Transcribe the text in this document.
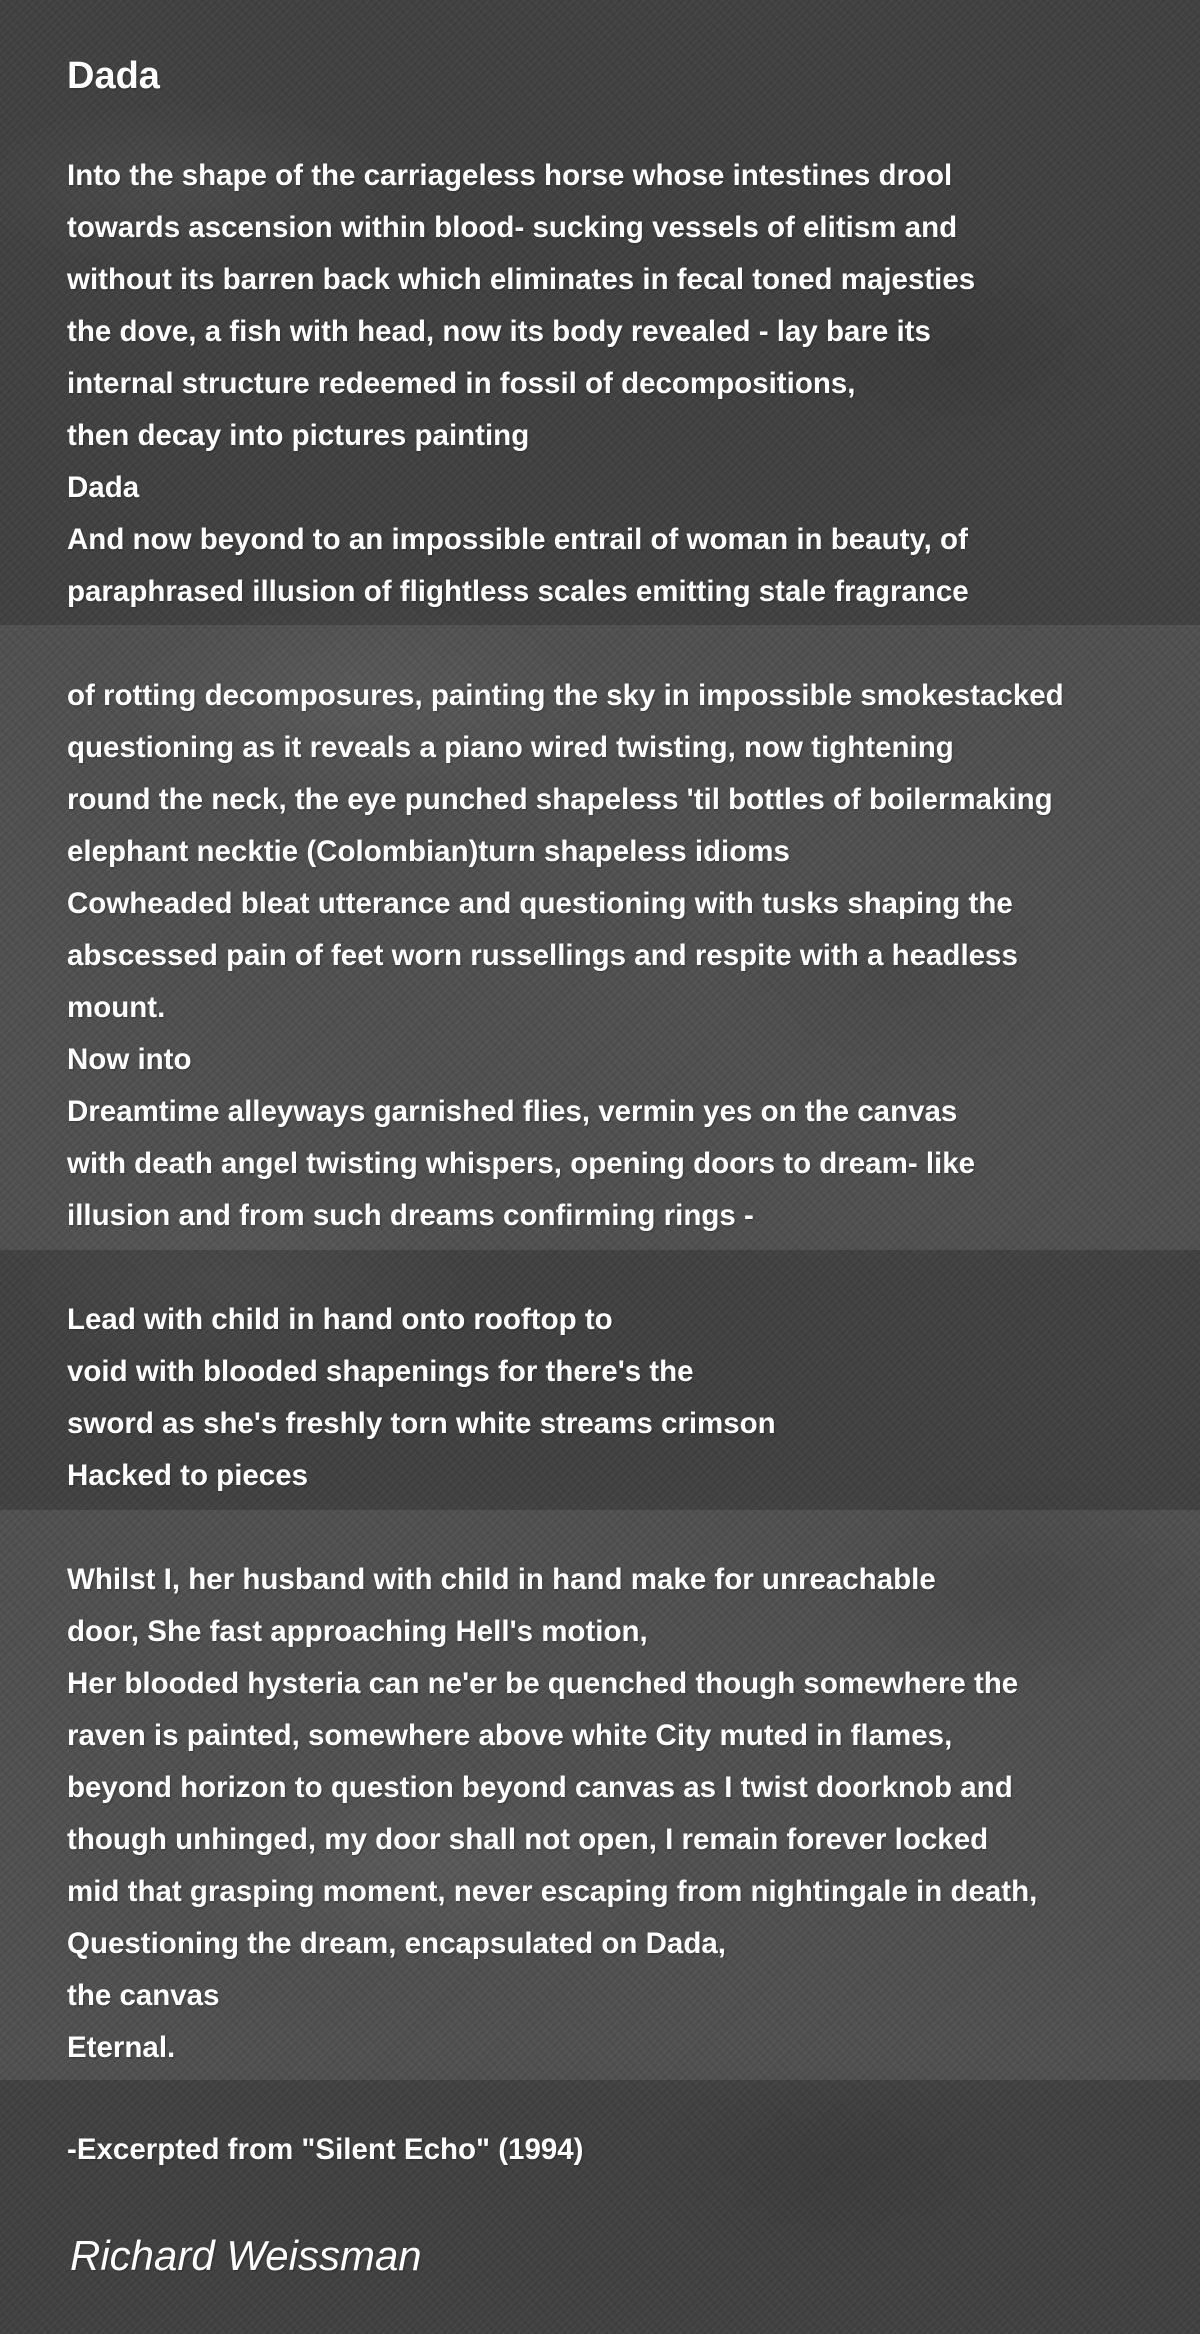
Dada
Into the shape of the carriageless horse whose intestines drool
towards ascension within blood- sucking vessels of elitism and
without its barren back which eliminates in fecal toned majesties
the dove, a fish with head, now its body revealed - lay bare its
internal structure redeemed in fossil of decompositions,
then decay into pictures painting
Dada
And now beyond to an impossible entrail of woman in beauty, of
paraphrased illusion of flightless scales emitting stale fragrance
of rotting decomposures, painting the sky in impossible smokestacked
questioning as it reveals a piano wired twisting, now tightening
round the neck, the eye punched shapeless 'til bottles of boilermaking
elephant necktie (Colombian)turn shapeless idioms
Cowheaded bleat utterance and questioning with tusks shaping the
abscessed pain of feet worn russellings and respite with a headless
mount.
Now into
Dreamtime alleyways garnished flies, vermin yes on the canvas
with death angel twisting whispers, opening doors to dream- like
illusion and from such dreams confirming rings -
Lead with child in hand onto rooftop to
void with blooded shapenings for there's the
sword as she's freshly torn white streams crimson
Hacked to pieces
Whilst I, her husband with child in hand make for unreachable
door, She fast approaching Hell's motion,
Her blooded hysteria can ne'er be quenched though somewhere the
raven is painted, somewhere above white City muted in flames,
beyond horizon to question beyond canvas as I twist doorknob and
though unhinged, my door shall not open, I remain forever locked
mid that grasping moment, never escaping from nightingale in death,
Questioning the dream, encapsulated on Dada,
the canvas
Eternal.
-Excerpted from "Silent Echo" (1994)
Richard Weissman
